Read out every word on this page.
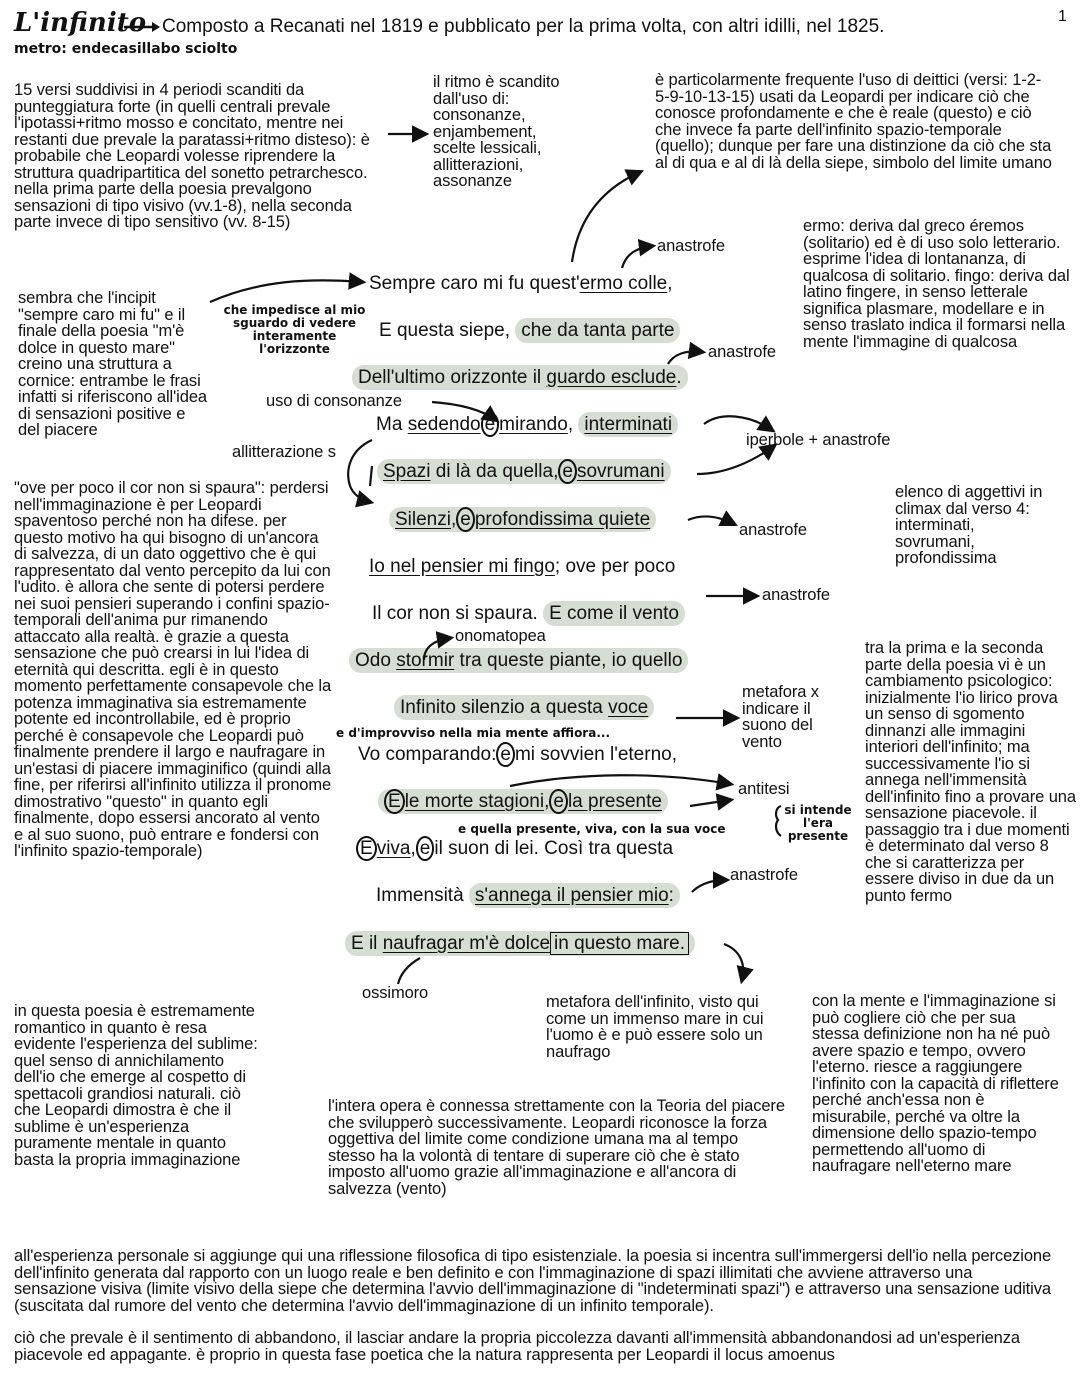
1
L'infinito Composto a Recanati nel 1819 e pubblicato per la prima volta, con altri idilli, nel 1825.
metro: endecasillabo sciolto
15 versi suddivisi in 4 periodi scanditi da punteggiatura forte (in quelli centrali prevale l'ipotassi+ritmo mosso e concitato, mentre nei restanti due prevale la paratassi+ritmo disteso): è probabile che Leopardi volesse riprendere la struttura quadripartitica del sonetto petrarchesco. nella prima parte della poesia prevalgono sensazioni di tipo visivo (vv.1-8), nella seconda parte invece di tipo sensitivo (vv. 8-15)
il ritmo è scandito dall'uso di: consonanze, enjambement, scelte lessicali, allitterazioni, assonanze
è particolarmente frequente l'uso di deittici (versi: 1-2-5-9-10-13-15) usati da Leopardi per indicare ciò che conosce profondamente e che è reale (questo) e ciò che invece fa parte dell'infinito spazio-temporale (quello); dunque per fare una distinzione da ciò che sta al di qua e al di là della siepe, simbolo del limite umano
ermo: deriva dal greco éremos (solitario) ed è di uso solo letterario. esprime l'idea di lontananza, di qualcosa di solitario. fingo: deriva dal latino fingere, in senso letterale significa plasmare, modellare e in senso traslato indica il formarsi nella mente l'immagine di qualcosa
sembra che l'incipit "sempre caro mi fu" e il finale della poesia "m'è dolce in questo mare" creino una struttura a cornice: entrambe le frasi infatti si riferiscono all'idea di sensazioni positive e del piacere
che impedisce al mio sguardo di vedere interamente l'orizzonte
"ove per poco il cor non si spaura": perdersi nell'immaginazione è per Leopardi spaventoso perché non ha difese. per questo motivo ha qui bisogno di un'ancora di salvezza, di un dato oggettivo che è qui rappresentato dal vento percepito da lui con l'udito. è allora che sente di potersi perdere nei suoi pensieri superando i confini spazio-temporali dell'anima pur rimanendo attaccato alla realtà. è grazie a questa sensazione che può crearsi in lui l'idea di eternità qui descritta. egli è in questo momento perfettamente consapevole che la potenza immaginativa sia estremamente potente ed incontrollabile, ed è proprio perché è consapevole che Leopardi può finalmente prendere il largo e naufragare in un'estasi di piacere immaginifico (quindi alla fine, per riferirsi all'infinito utilizza il pronome dimostrativo "questo" in quanto egli finalmente, dopo essersi ancorato al vento e al suo suono, può entrare e fondersi con l'infinito spazio-temporale)
elenco di aggettivi in climax dal verso 4: interminati, sovrumani, profondissima
tra la prima e la seconda parte della poesia vi è un cambiamento psicologico: inizialmente l'io lirico prova un senso di sgomento dinnanzi alle immagini interiori dell'infinito; ma successivamente l'io si annega nell'immensità dell'infinito fino a provare una sensazione piacevole. il passaggio tra i due momenti è determinato dal verso 8 che si caratterizza per essere diviso in due da un punto fermo
in questa poesia è estremamente romantico in quanto è resa evidente l'esperienza del sublime: quel senso di annichilamento dell'io che emerge al cospetto di spettacoli grandiosi naturali. ciò che Leopardi dimostra è che il sublime è un'esperienza puramente mentale in quanto basta la propria immaginazione
metafora dell'infinito, visto qui come un immenso mare in cui l'uomo è e può essere solo un naufrago
con la mente e l'immaginazione si può cogliere ciò che per sua stessa definizione non ha né può avere spazio e tempo, ovvero l'eterno. riesce a raggiungere l'infinito con la capacità di riflettere perché anch'essa non è misurabile, perché va oltre la dimensione dello spazio-tempo permettendo all'uomo di naufragare nell'eterno mare
l'intera opera è connessa strettamente con la Teoria del piacere che svilupperò successivamente. Leopardi riconosce la forza oggettiva del limite come condizione umana ma al tempo stesso ha la volontà di tentare di superare ciò che è stato imposto all'uomo grazie all'immaginazione e all'ancora di salvezza (vento)
all'esperienza personale si aggiunge qui una riflessione filosofica di tipo esistenziale. la poesia si incentra sull'immergersi dell'io nella percezione dell'infinito generata dal rapporto con un luogo reale e ben definito e con l'immaginazione di spazi illimitati che avviene attraverso una sensazione visiva (limite visivo della siepe che determina l'avvio dell'immaginazione di "indeterminati spazi") e attraverso una sensazione uditiva (suscitata dal rumore del vento che determina l'avvio dell'immaginazione di un infinito temporale).
ciò che prevale è il sentimento di abbandono, il lasciar andare la propria piccolezza davanti all'immensità abbandonandosi ad un'esperienza piacevole ed appagante. è proprio in questa fase poetica che la natura rappresenta per Leopardi il locus amoenus
anastrofe
anastrofe
uso di consonanze
allitterazione s
iperbole + anastrofe
anastrofe
anastrofe
onomatopea
metafora x indicare il suono del vento
e d'improvviso nella mia mente affiora...
antitesi
e quella presente, viva, con la sua voce
si intende l'era presente
anastrofe
ossimoro
Sempre caro mi fu quest'ermo colle,
E questa siepe, che da tanta parte
Dell'ultimo orizzonte il guardo esclude.
Ma sedendo e mirando, interminati
Spazi di là da quella, e sovrumani
Silenzi, e profondissima quiete
Io nel pensier mi fingo; ove per poco
Il cor non si spaura. E come il vento
Odo stormir tra queste piante, io quello
Infinito silenzio a questa voce
Vo comparando: e mi sovvien l'eterno,
E le morte stagioni, e la presente
E viva, e il suon di lei. Così tra questa
Immensità s'annega il pensier mio:
E il naufragar m'è dolce in questo mare.
